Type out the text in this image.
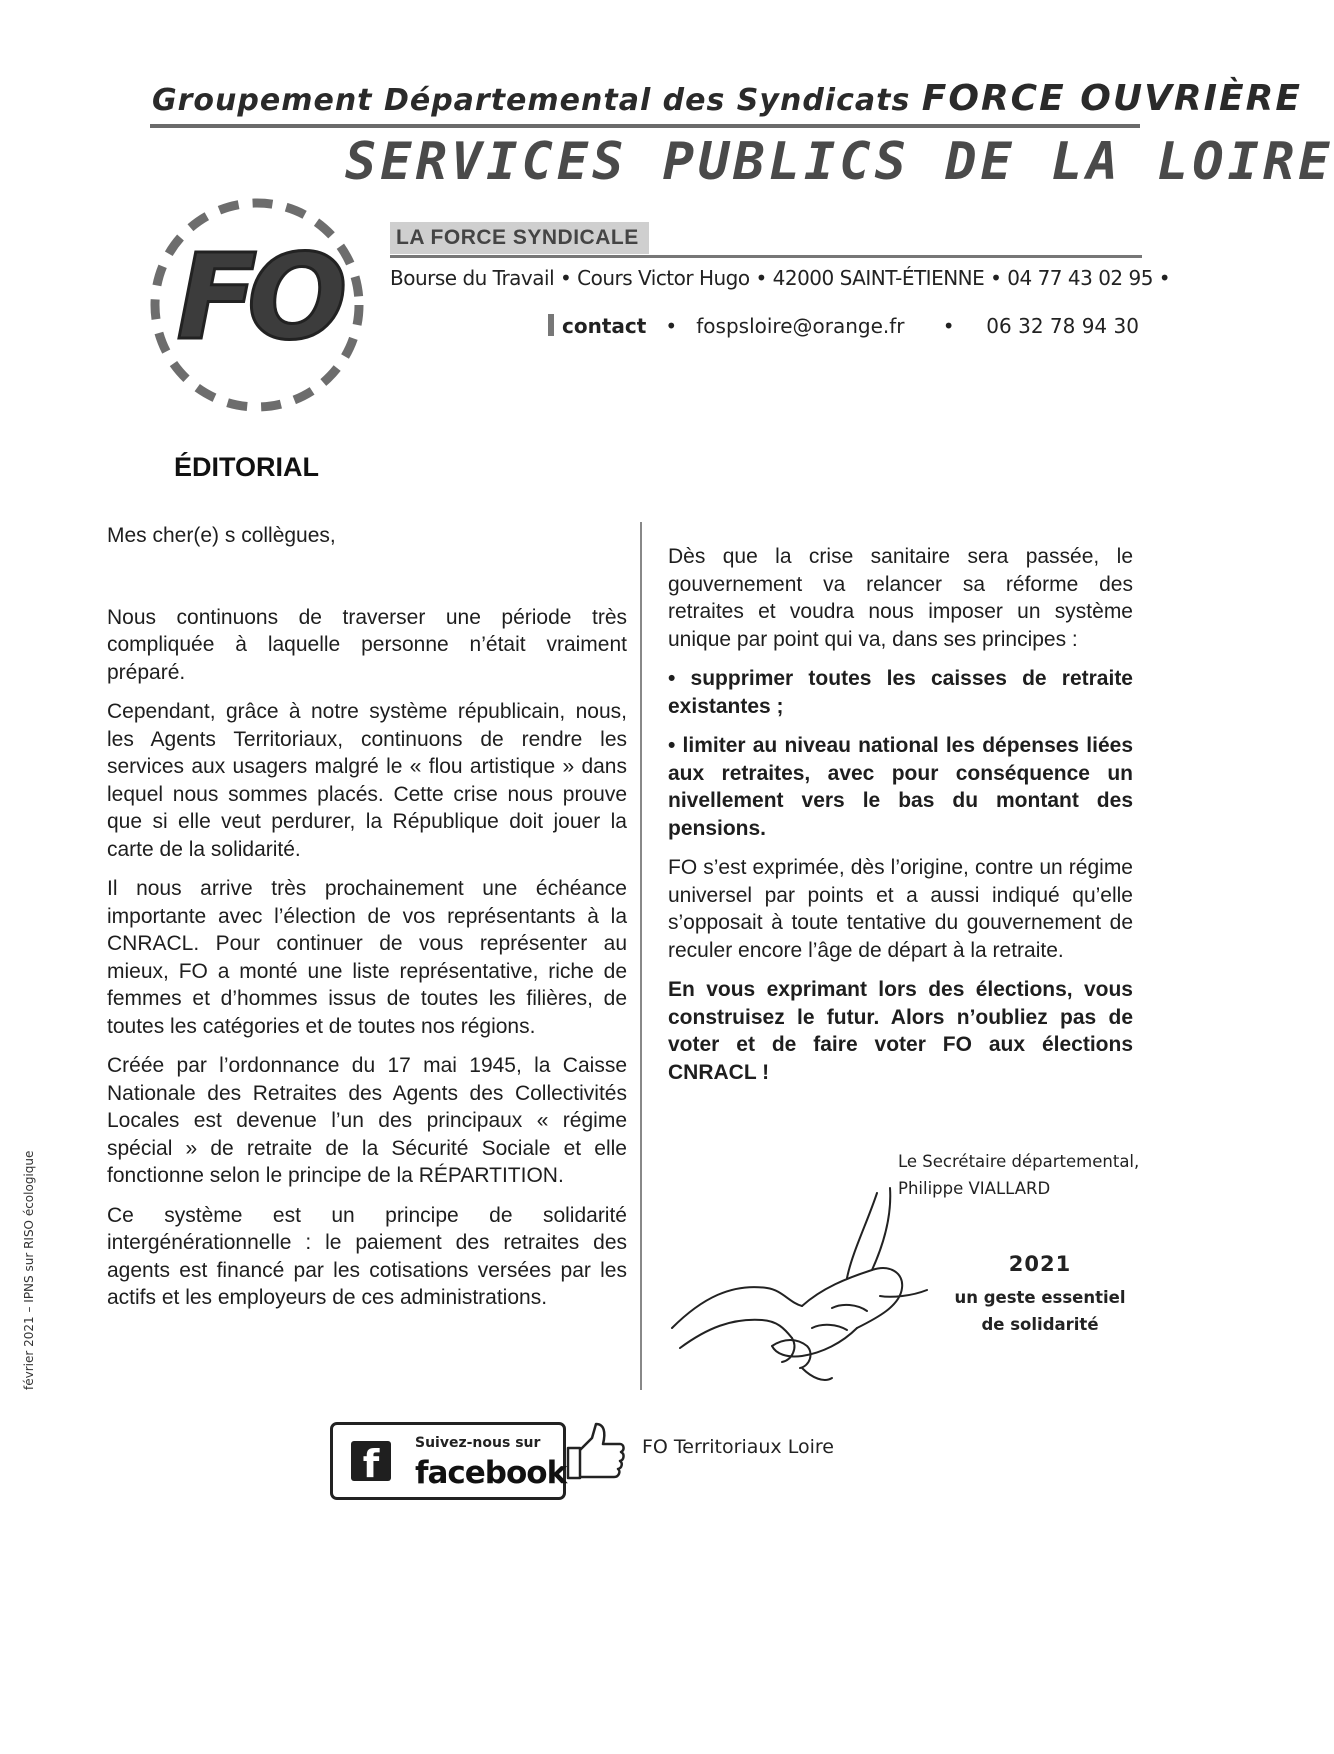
Groupement Départemental des Syndicats FORCE OUVRIÈRE
SERVICES PUBLICS DE LA LOIRE
FO	LA FORCE SYNDICALE
Bourse du Travail • Cours Victor Hugo • 42000 SAINT-ÉTIENNE • 04 77 43 02 95 •
contact • fospsloire@orange.fr • 06 32 78 94 30
ÉDITORIAL

Mes cher(e) s collègues,

Nous continuons de traverser une période très compliquée à laquelle personne n’était vraiment préparé.

Cependant, grâce à notre système républicain, nous, les Agents Territoriaux, continuons de rendre les services aux usagers malgré le « flou artistique » dans lequel nous sommes placés. Cette crise nous prouve que si elle veut perdurer, la République doit jouer la carte de la solidarité.

Il nous arrive très prochainement une échéance importante avec l’élection de vos représentants à la CNRACL. Pour continuer de vous représenter au mieux, FO a monté une liste représentative, riche de femmes et d’hommes issus de toutes les filières, de toutes les catégories et de toutes nos régions.

Créée par l’ordonnance du 17 mai 1945, la Caisse Nationale des Retraites des Agents des Collectivités Locales est devenue l’un des principaux « régime spécial » de retraite de la Sécurité Sociale et elle fonctionne selon le principe de la RÉPARTITION.

Ce système est un principe de solidarité intergénérationnelle : le paiement des retraites des agents est financé par les cotisations versées par les actifs et les employeurs de ces administrations.

Dès que la crise sanitaire sera passée, le gouvernement va relancer sa réforme des retraites et voudra nous imposer un système unique par point qui va, dans ses principes :

• supprimer toutes les caisses de retraite existantes ;

• limiter au niveau national les dépenses liées aux retraites, avec pour conséquence un nivellement vers le bas du montant des pensions.

FO s’est exprimée, dès l’origine, contre un régime universel par points et a aussi indiqué qu’elle s’opposait à toute tentative du gouvernement de reculer encore l’âge de départ à la retraite.

En vous exprimant lors des élections, vous construisez le futur. Alors n’oubliez pas de voter et de faire voter FO aux élections CNRACL !

Le Secrétaire départemental,
Philippe VIALLARD
2021
un geste essentiel
de solidarité
février 2021 – IPNS sur RISO écologique
f	Suivez-nous sur
facebook
FO Territoriaux Loire
